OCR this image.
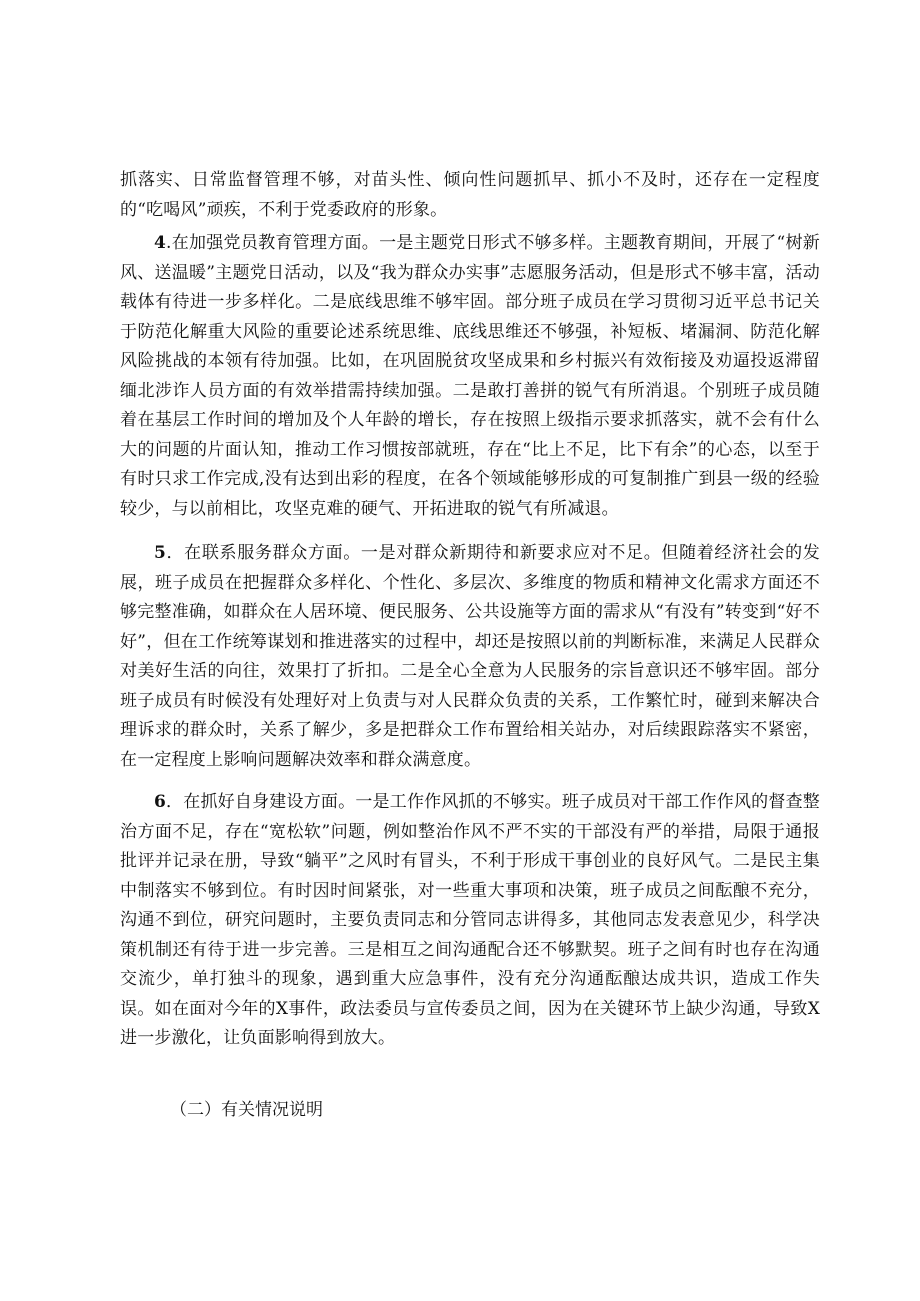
抓落实、日常监督管理不够，对苗头性、倾向性问题抓早、抓小不及时，还存在一定程度的“吃喝风”顽疾，不利于党委政府的形象。

4.在加强党员教育管理方面。一是主题党日形式不够多样。主题教育期间，开展了“树新风、送温暖”主题党日活动，以及“我为群众办实事”志愿服务活动，但是形式不够丰富，活动载体有待进一步多样化。二是底线思维不够牢固。部分班子成员在学习贯彻习近平总书记关于防范化解重大风险的重要论述系统思维、底线思维还不够强，补短板、堵漏洞、防范化解风险挑战的本领有待加强。比如，在巩固脱贫攻坚成果和乡村振兴有效衔接及劝逼投返滞留缅北涉诈人员方面的有效举措需持续加强。二是敢打善拼的锐气有所消退。个别班子成员随着在基层工作时间的增加及个人年龄的增长，存在按照上级指示要求抓落实，就不会有什么大的问题的片面认知，推动工作习惯按部就班，存在“比上不足，比下有余”的心态，以至于有时只求工作完成,没有达到出彩的程度，在各个领域能够形成的可复制推广到县一级的经验较少，与以前相比，攻坚克难的硬气、开拓进取的锐气有所减退。

5．在联系服务群众方面。一是对群众新期待和新要求应对不足。但随着经济社会的发展，班子成员在把握群众多样化、个性化、多层次、多维度的物质和精神文化需求方面还不够完整准确，如群众在人居环境、便民服务、公共设施等方面的需求从“有没有”转变到“好不好”，但在工作统筹谋划和推进落实的过程中，却还是按照以前的判断标准，来满足人民群众对美好生活的向往，效果打了折扣。二是全心全意为人民服务的宗旨意识还不够牢固。部分班子成员有时候没有处理好对上负责与对人民群众负责的关系，工作繁忙时，碰到来解决合理诉求的群众时，关系了解少，多是把群众工作布置给相关站办，对后续跟踪落实不紧密，在一定程度上影响问题解决效率和群众满意度。

6．在抓好自身建设方面。一是工作作风抓的不够实。班子成员对干部工作作风的督查整治方面不足，存在“宽松软”问题，例如整治作风不严不实的干部没有严的举措，局限于通报批评并记录在册，导致“躺平”之风时有冒头，不利于形成干事创业的良好风气。二是民主集中制落实不够到位。有时因时间紧张，对一些重大事项和决策，班子成员之间酝酿不充分，沟通不到位，研究问题时，主要负责同志和分管同志讲得多，其他同志发表意见少，科学决策机制还有待于进一步完善。三是相互之间沟通配合还不够默契。班子之间有时也存在沟通交流少，单打独斗的现象，遇到重大应急事件，没有充分沟通酝酿达成共识，造成工作失误。如在面对今年的X事件，政法委员与宣传委员之间，因为在关键环节上缺少沟通，导致X进一步激化，让负面影响得到放大。

（二）有关情况说明
